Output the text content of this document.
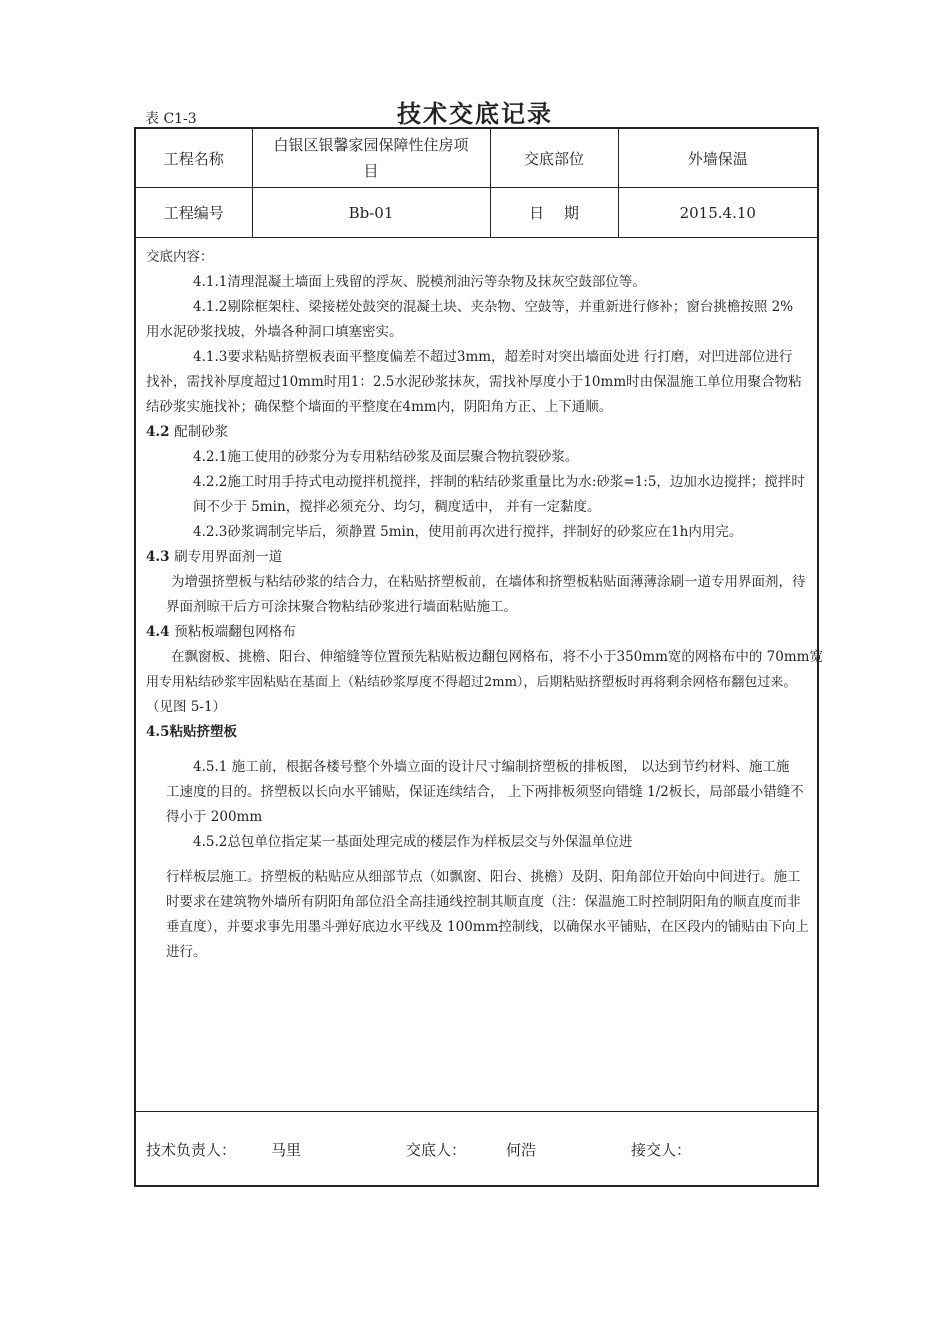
表 C1-3	技术交底记录
工程名称	白银区银馨家园保障性住房项目	交底部位	外墙保温
工程编号	Bb-01	日　 期	2015.4.10

交底内容：

4.1.1清理混凝土墙面上残留的浮灰、脱模剂油污等杂物及抹灰空鼓部位等。

4.1.2剔除框架柱、梁接槎处鼓突的混凝土块、夹杂物、空鼓等，并重新进行修补；窗台挑檐按照 2%

用水泥砂浆找坡，外墙各种洞口填塞密实。

4.1.3要求粘贴挤塑板表面平整度偏差不超过3mm，超差时对突出墙面处进 行打磨，对凹进部位进行

找补，需找补厚度超过10mm时用1：2.5水泥砂浆抹灰，需找补厚度小于10mm时由保温施工单位用聚合物粘

结砂浆实施找补；确保整个墙面的平整度在4mm内，阴阳角方正、上下通顺。

4.2 配制砂浆

4.2.1施工使用的砂浆分为专用粘结砂浆及面层聚合物抗裂砂浆。

4.2.2施工时用手持式电动搅拌机搅拌，拌制的粘结砂浆重量比为水:砂浆=1:5，边加水边搅拌；搅拌时

间不少于 5min，搅拌必须充分、均匀，稠度适中， 并有一定黏度。

4.2.3砂浆调制完毕后，须静置 5min，使用前再次进行搅拌，拌制好的砂浆应在1h内用完。

4.3 刷专用界面剂一道

为增强挤塑板与粘结砂浆的结合力，在粘贴挤塑板前，在墙体和挤塑板粘贴面薄薄涂刷一道专用界面剂，待

界面剂晾干后方可涂抹聚合物粘结砂浆进行墙面粘贴施工。

4.4 预粘板端翻包网格布

在飘窗板、挑檐、阳台、伸缩缝等位置预先粘贴板边翻包网格布，将不小于350mm宽的网格布中的 70mm宽

用专用粘结砂浆牢固粘贴在基面上（粘结砂浆厚度不得超过2mm），后期粘贴挤塑板时再将剩余网格布翻包过来。

（见图 5-1）

4.5粘贴挤塑板

4.5.1 施工前，根据各楼号整个外墙立面的设计尺寸编制挤塑板的排板图， 以达到节约材料、施工施

工速度的目的。挤塑板以长向水平铺贴，保证连续结合， 上下两排板须竖向错缝 1/2板长，局部最小错缝不

得小于 200mm

4.5.2总包单位指定某一基面处理完成的楼层作为样板层交与外保温单位进

行样板层施工。挤塑板的粘贴应从细部节点（如飘窗、阳台、挑檐）及阴、阳角部位开始向中间进行。施工

时要求在建筑物外墙所有阴阳角部位沿全高挂通线控制其顺直度（注：保温施工时控制阴阳角的顺直度而非

垂直度），并要求事先用墨斗弹好底边水平线及 100mm控制线，以确保水平铺贴，在区段内的铺贴由下向上

进行。

技术负责人： 马里	交底人：	何浩	接交人：
